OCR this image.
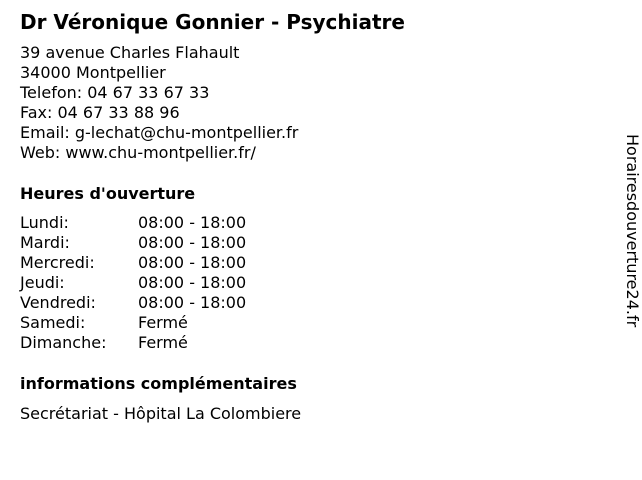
Dr Véronique Gonnier - Psychiatre
39 avenue Charles Flahault
34000 Montpellier
Telefon: 04 67 33 67 33
Fax: 04 67 33 88 96
Email: g-lechat@chu-montpellier.fr
Web: www.chu-montpellier.fr/
Heures d'ouverture
Lundi:	08:00 - 18:00
Mardi:	08:00 - 18:00
Mercredi:	08:00 - 18:00
Jeudi:	08:00 - 18:00
Vendredi:	08:00 - 18:00
Samedi:	Fermé
Dimanche: Fermé
informations complémentaires
Secrétariat - Hôpital La Colombiere
Horairesdouverture24.fr
